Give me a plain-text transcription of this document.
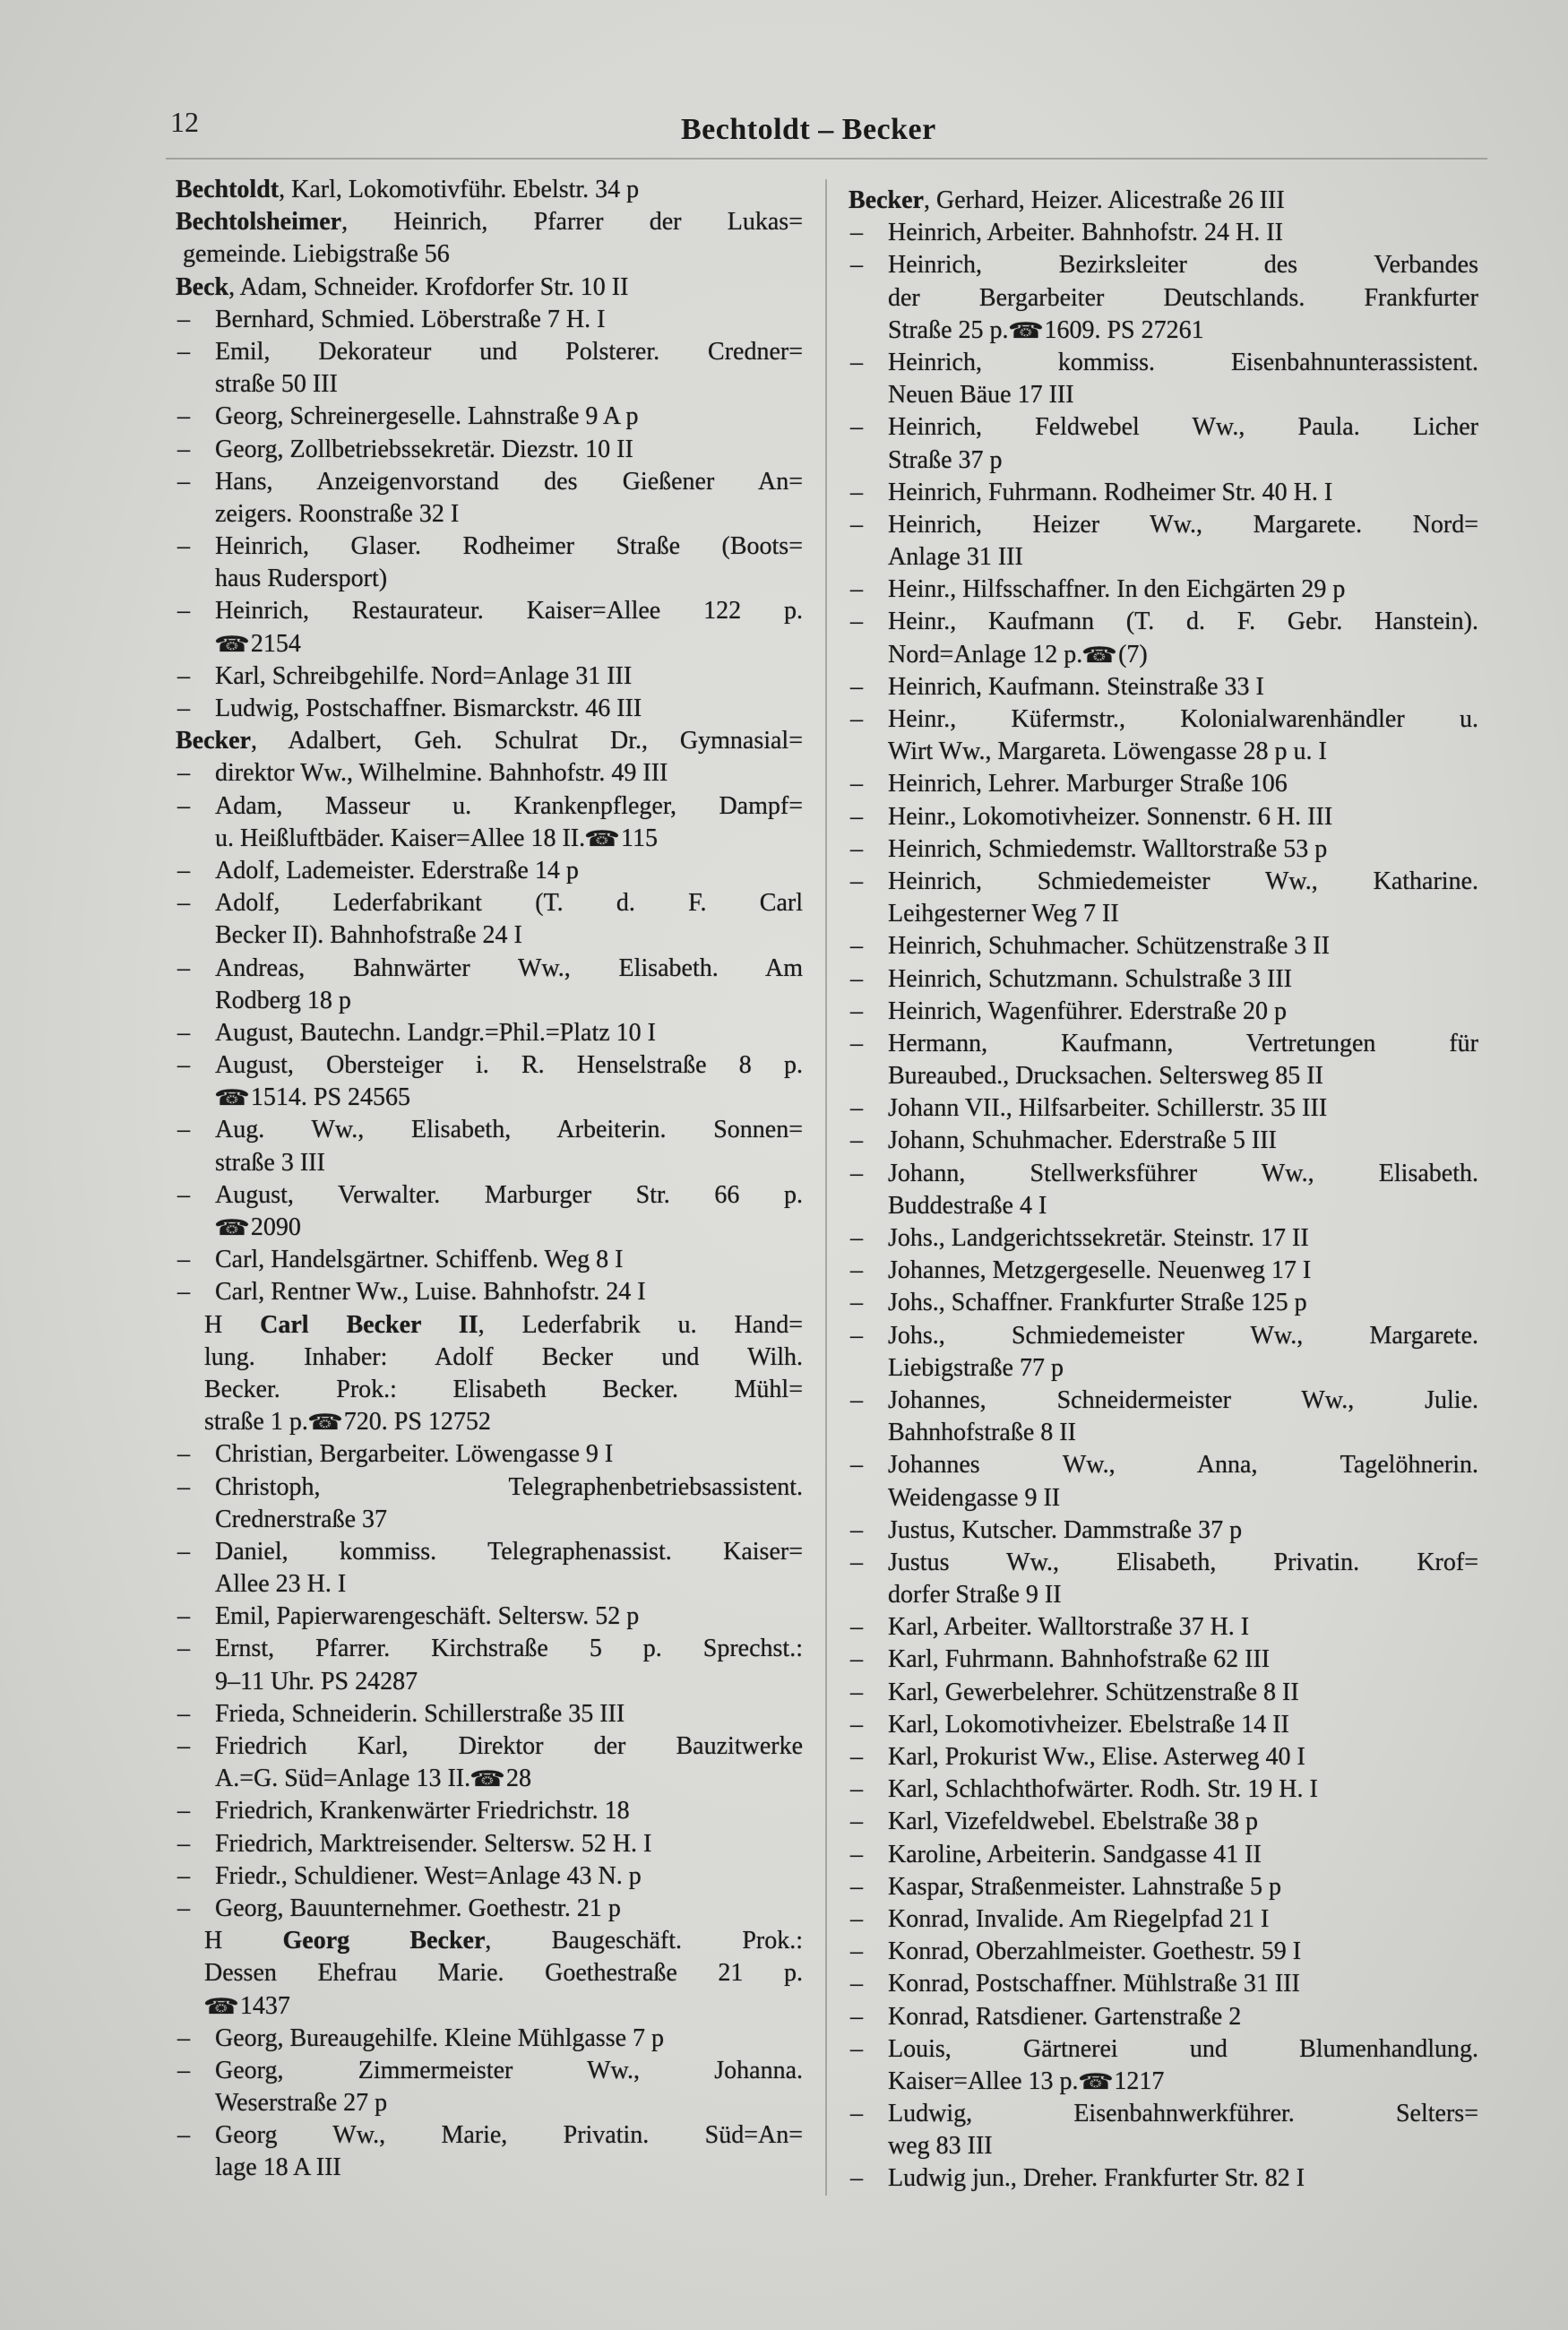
12	Bechtoldt – Becker
Bechtoldt, Karl, Lokomotivführ. Ebelstr. 34 p
Bechtolsheimer, Heinrich, Pfarrer der Lukas=
gemeinde. Liebigstraße 56
Beck, Adam, Schneider. Krofdorfer Str. 10 II
–	Bernhard, Schmied. Löberstraße 7 H. I
–	Emil, Dekorateur und Polsterer. Credner=
straße 50 III
–	Georg, Schreinergeselle. Lahnstraße 9 A p
–	Georg, Zollbetriebssekretär. Diezstr. 10 II
–	Hans, Anzeigenvorstand des Gießener An=
zeigers. Roonstraße 32 I
–	Heinrich, Glaser. Rodheimer Straße (Boots=
haus Rudersport)
–	Heinrich, Restaurateur. Kaiser=Allee 122 p.
☎2154
–	Karl, Schreibgehilfe. Nord=Anlage 31 III
–	Ludwig, Postschaffner. Bismarckstr. 46 III
Becker, Adalbert, Geh. Schulrat Dr., Gymnasial=
–	direktor Ww., Wilhelmine. Bahnhofstr. 49 III
–	Adam, Masseur u. Krankenpfleger, Dampf=
u. Heißluftbäder. Kaiser=Allee 18 II.☎115
–	Adolf, Lademeister. Ederstraße 14 p
–	Adolf, Lederfabrikant (T. d. F. Carl
Becker II). Bahnhofstraße 24 I
–	Andreas, Bahnwärter Ww., Elisabeth. Am
Rodberg 18 p
–	August, Bautechn. Landgr.=Phil.=Platz 10 I
–	August, Obersteiger i. R. Henselstraße 8 p.
☎1514. PS 24565
–	Aug. Ww., Elisabeth, Arbeiterin. Sonnen=
straße 3 III
–	August, Verwalter. Marburger Str. 66 p.
☎2090
–	Carl, Handelsgärtner. Schiffenb. Weg 8 I
–	Carl, Rentner Ww., Luise. Bahnhofstr. 24 I
H Carl Becker II, Lederfabrik u. Hand=
lung. Inhaber: Adolf Becker und Wilh.
Becker. Prok.: Elisabeth Becker. Mühl=
straße 1 p.☎720. PS 12752
–	Christian, Bergarbeiter. Löwengasse 9 I
–	Christoph, Telegraphenbetriebsassistent.
Crednerstraße 37
–	Daniel, kommiss. Telegraphenassist. Kaiser=
Allee 23 H. I
–	Emil, Papierwarengeschäft. Seltersw. 52 p
–	Ernst, Pfarrer. Kirchstraße 5 p. Sprechst.:
9–11 Uhr. PS 24287
–	Frieda, Schneiderin. Schillerstraße 35 III
–	Friedrich Karl, Direktor der Bauzitwerke
A.=G. Süd=Anlage 13 II.☎28
–	Friedrich, Krankenwärter Friedrichstr. 18
–	Friedrich, Marktreisender. Seltersw. 52 H. I
–	Friedr., Schuldiener. West=Anlage 43 N. p
–	Georg, Bauunternehmer. Goethestr. 21 p
H Georg Becker, Baugeschäft. Prok.:
Dessen Ehefrau Marie. Goethestraße 21 p.
☎1437
–	Georg, Bureaugehilfe. Kleine Mühlgasse 7 p
–	Georg, Zimmermeister Ww., Johanna.
Weserstraße 27 p
–	Georg Ww., Marie, Privatin. Süd=An=
lage 18 A III
Becker, Gerhard, Heizer. Alicestraße 26 III
–	Heinrich, Arbeiter. Bahnhofstr. 24 H. II
–	Heinrich, Bezirksleiter des Verbandes
der Bergarbeiter Deutschlands. Frankfurter
Straße 25 p.☎1609. PS 27261
–	Heinrich, kommiss. Eisenbahnunterassistent.
Neuen Bäue 17 III
–	Heinrich, Feldwebel Ww., Paula. Licher
Straße 37 p
–	Heinrich, Fuhrmann. Rodheimer Str. 40 H. I
–	Heinrich, Heizer Ww., Margarete. Nord=
Anlage 31 III
–	Heinr., Hilfsschaffner. In den Eichgärten 29 p
–	Heinr., Kaufmann (T. d. F. Gebr. Hanstein).
Nord=Anlage 12 p.☎(7)
–	Heinrich, Kaufmann. Steinstraße 33 I
–	Heinr., Küfermstr., Kolonialwarenhändler u.
Wirt Ww., Margareta. Löwengasse 28 p u. I
–	Heinrich, Lehrer. Marburger Straße 106
–	Heinr., Lokomotivheizer. Sonnenstr. 6 H. III
–	Heinrich, Schmiedemstr. Walltorstraße 53 p
–	Heinrich, Schmiedemeister Ww., Katharine.
Leihgesterner Weg 7 II
–	Heinrich, Schuhmacher. Schützenstraße 3 II
–	Heinrich, Schutzmann. Schulstraße 3 III
–	Heinrich, Wagenführer. Ederstraße 20 p
–	Hermann, Kaufmann, Vertretungen für
Bureaubed., Drucksachen. Seltersweg 85 II
–	Johann VII., Hilfsarbeiter. Schillerstr. 35 III
–	Johann, Schuhmacher. Ederstraße 5 III
–	Johann, Stellwerksführer Ww., Elisabeth.
Buddestraße 4 I
–	Johs., Landgerichtssekretär. Steinstr. 17 II
–	Johannes, Metzgergeselle. Neuenweg 17 I
–	Johs., Schaffner. Frankfurter Straße 125 p
–	Johs., Schmiedemeister Ww., Margarete.
Liebigstraße 77 p
–	Johannes, Schneidermeister Ww., Julie.
Bahnhofstraße 8 II
–	Johannes Ww., Anna, Tagelöhnerin.
Weidengasse 9 II
–	Justus, Kutscher. Dammstraße 37 p
–	Justus Ww., Elisabeth, Privatin. Krof=
dorfer Straße 9 II
–	Karl, Arbeiter. Walltorstraße 37 H. I
–	Karl, Fuhrmann. Bahnhofstraße 62 III
–	Karl, Gewerbelehrer. Schützenstraße 8 II
–	Karl, Lokomotivheizer. Ebelstraße 14 II
–	Karl, Prokurist Ww., Elise. Asterweg 40 I
–	Karl, Schlachthofwärter. Rodh. Str. 19 H. I
–	Karl, Vizefeldwebel. Ebelstraße 38 p
–	Karoline, Arbeiterin. Sandgasse 41 II
–	Kaspar, Straßenmeister. Lahnstraße 5 p
–	Konrad, Invalide. Am Riegelpfad 21 I
–	Konrad, Oberzahlmeister. Goethestr. 59 I
–	Konrad, Postschaffner. Mühlstraße 31 III
–	Konrad, Ratsdiener. Gartenstraße 2
–	Louis, Gärtnerei und Blumenhandlung.
Kaiser=Allee 13 p.☎1217
–	Ludwig, Eisenbahnwerkführer. Selters=
weg 83 III
–	Ludwig jun., Dreher. Frankfurter Str. 82 I
